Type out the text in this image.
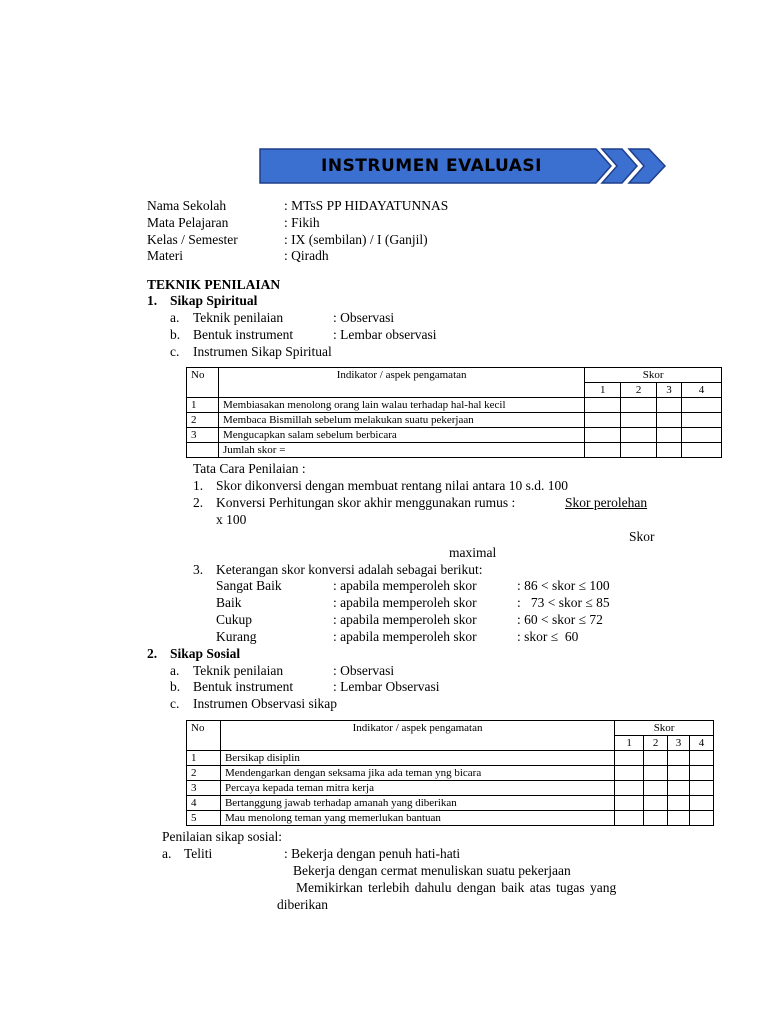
INSTRUMEN EVALUASI
Nama Sekolah	: MTsS PP HIDAYATUNNAS
Mata Pelajaran	: Fikih
Kelas / Semester	: IX (sembilan) / I (Ganjil)
Materi	: Qiradh
TEKNIK PENILAIAN
1. Sikap Spiritual
a. Teknik penilaian	: Observasi
b. Bentuk instrument	: Lembar observasi
c. Instrumen Sikap Spiritual
No	Indikator / aspek pengamatan	Skor			
		1	2	3	4
1	Membiasakan menolong orang lain walau terhadap hal-hal kecil				
2	Membaca Bismillah sebelum melakukan suatu pekerjaan				
3	Mengucapkan salam sebelum berbicara				
	Jumlah skor =				
Tata Cara Penilaian :
1. Skor dikonversi dengan membuat rentang nilai antara 10 s.d. 100
2. Konversi Perhitungan skor akhir menggunakan rumus :	Skor perolehan
x 100
Skor
maximal
3. Keterangan skor konversi adalah sebagai berikut:
Sangat Baik	: apabila memperoleh skor	: 86 < skor ≤ 100
Baik	: apabila memperoleh skor	:   73 < skor ≤ 85
Cukup	: apabila memperoleh skor	: 60 < skor ≤ 72
Kurang	: apabila memperoleh skor	: skor ≤  60
2. Sikap Sosial
a. Teknik penilaian	: Observasi
b. Bentuk instrument	: Lembar Observasi
c. Instrumen Observasi sikap
No	Indikator / aspek pengamatan	Skor			
		1	2	3	4
1	Bersikap disiplin				
2	Mendengarkan dengan seksama jika ada teman yng bicara				
3	Percaya kepada teman mitra kerja				
4	Bertanggung jawab terhadap amanah yang diberikan				
5	Mau menolong teman yang memerlukan bantuan				
Penilaian sikap sosial:
a. Teliti	: Bekerja dengan penuh hati-hati
Bekerja dengan cermat menuliskan suatu pekerjaan
Memikirkan terlebih dahulu dengan baik atas tugas yang
diberikan
